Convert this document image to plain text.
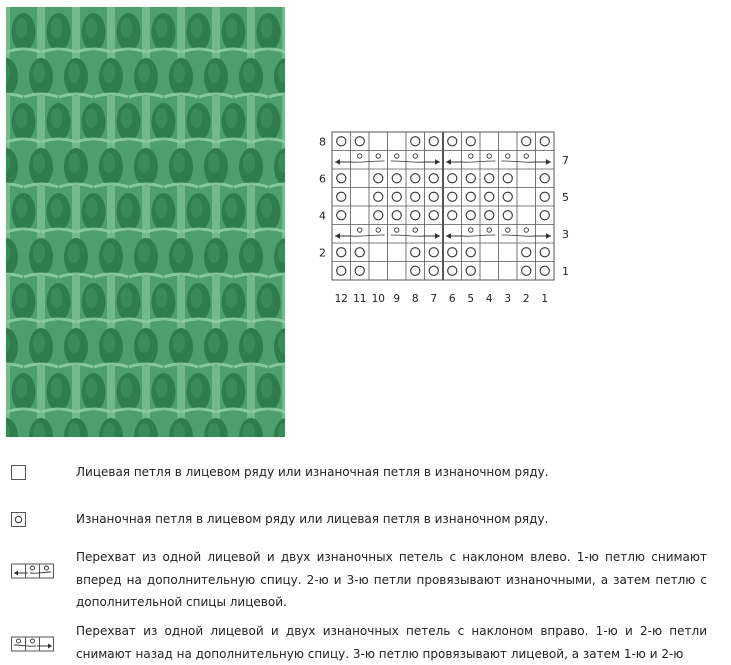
8
7
6
5
4
3
2
1
12 11 10 9 8 7 6 5 4 3 2 1

Лицевая петля в лицевом ряду или изнаночная петля в изнаночном ряду.

Изнаночная петля в лицевом ряду или лицевая петля в изнаночном ряду.

Перехват из одной лицевой и двух изнаночных петель с наклоном влево. 1-ю петлю снимают вперед на дополнительную спицу. 2-ю и 3-ю петли провязывают изнаночными, а затем петлю с дополнительной спицы лицевой.

Перехват из одной лицевой и двух изнаночных петель с наклоном вправо. 1-ю и 2-ю петли снимают назад на дополнительную спицу. 3-ю петлю провязывают лицевой, а затем 1-ю и 2-ю
